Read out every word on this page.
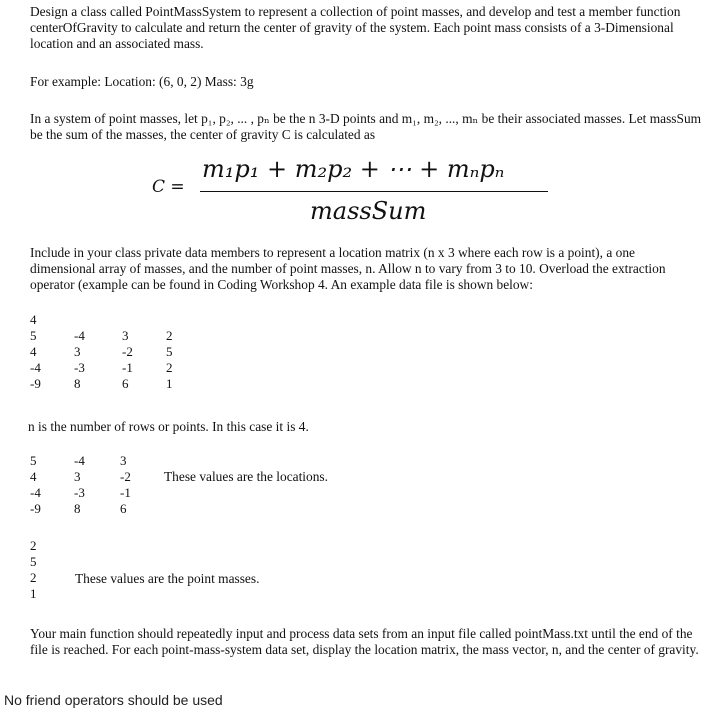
Design a class called PointMassSystem to represent a collection of point masses, and develop and test a member function centerOfGravity to calculate and return the center of gravity of the system. Each point mass consists of a 3-Dimensional location and an associated mass.

For example: Location: (6, 0, 2) Mass: 3g

In a system of point masses, let p₁, p₂, ... , pₙ be the n 3-D points and m₁, m₂, ..., mₙ be their associated masses. Let massSum be the sum of the masses, the center of gravity C is calculated as

Include in your class private data members to represent a location matrix (n x 3 where each row is a point), a one dimensional array of masses, and the number of point masses, n. Allow n to vary from 3 to 10. Overload the extraction operator (example can be found in Coding Workshop 4. An example data file is shown below:

n is the number of rows or points. In this case it is 4.

Your main function should repeatedly input and process data sets from an input file called pointMass.txt until the end of the file is reached. For each point-mass-system data set, display the location matrix, the mass vector, n, and the center of gravity.

C =
m₁p₁ + m₂p₂ + ⋯ + mₙpₙ
massSum
4
5	-4	3	2
4	3	-2	5
-4	-3	-1	2
-9	8	6	1
5	-4	3
4	3	-2
-4	-3	-1
-9	8	6
These values are the locations.
2
5
2
1
These values are the point masses.
No friend operators should be used
